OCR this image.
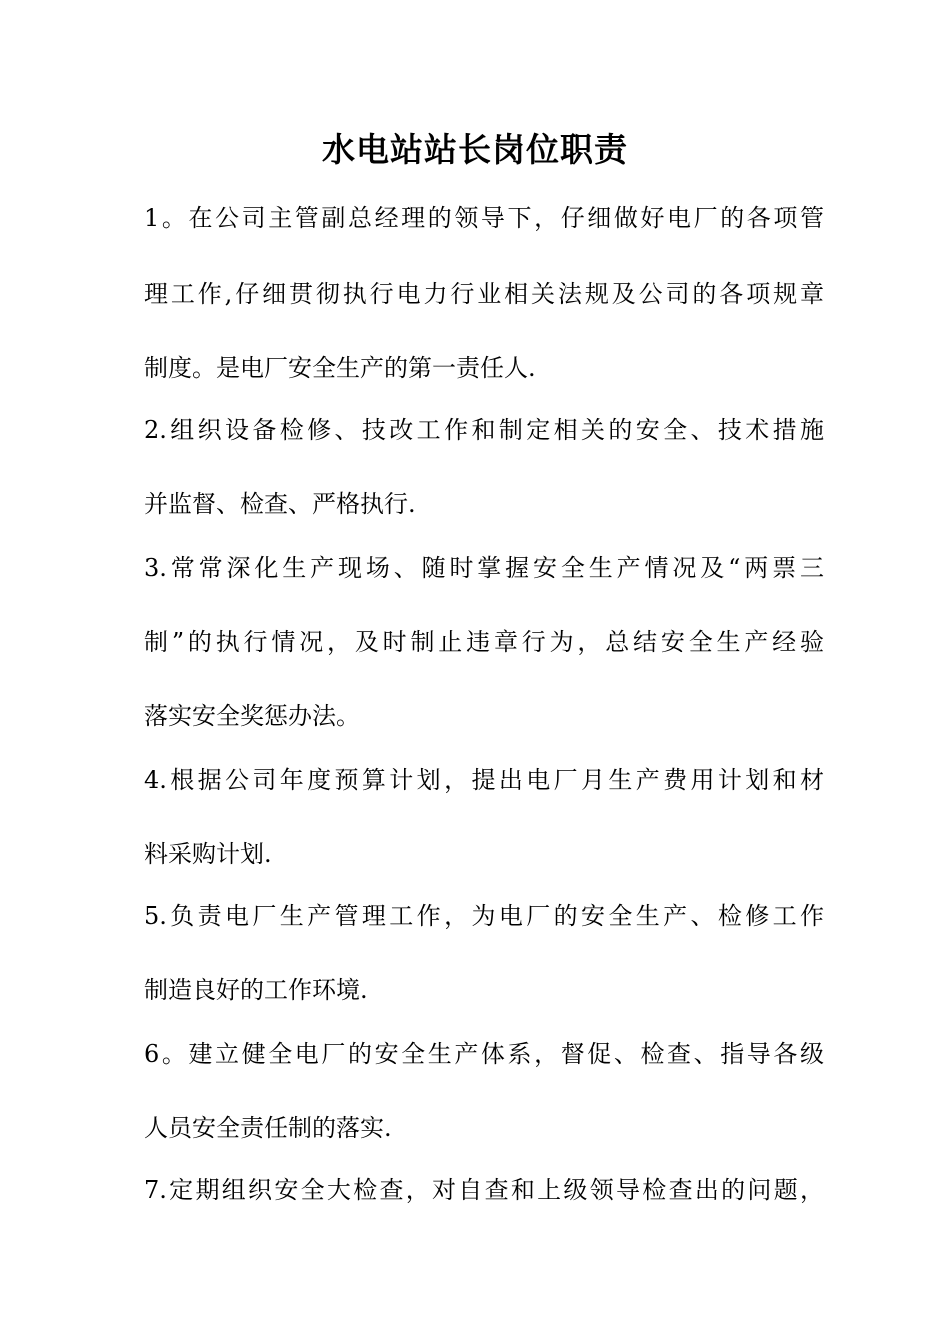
水电站站长岗位职责
1。在公司主管副总经理的领导下，仔细做好电厂的各项管
理工作,仔细贯彻执行电力行业相关法规及公司的各项规章
制度。是电厂安全生产的第一责任人.
2.组织设备检修、技改工作和制定相关的安全、技术措施
并监督、检查、严格执行.
3.常常深化生产现场、随时掌握安全生产情况及“两票三
制”的执行情况，及时制止违章行为，总结安全生产经验
落实安全奖惩办法。
4.根据公司年度预算计划，提出电厂月生产费用计划和材
料采购计划.
5.负责电厂生产管理工作，为电厂的安全生产、检修工作
制造良好的工作环境.
6。建立健全电厂的安全生产体系，督促、检查、指导各级
人员安全责任制的落实.
7.定期组织安全大检查，对自查和上级领导检查出的问题，
